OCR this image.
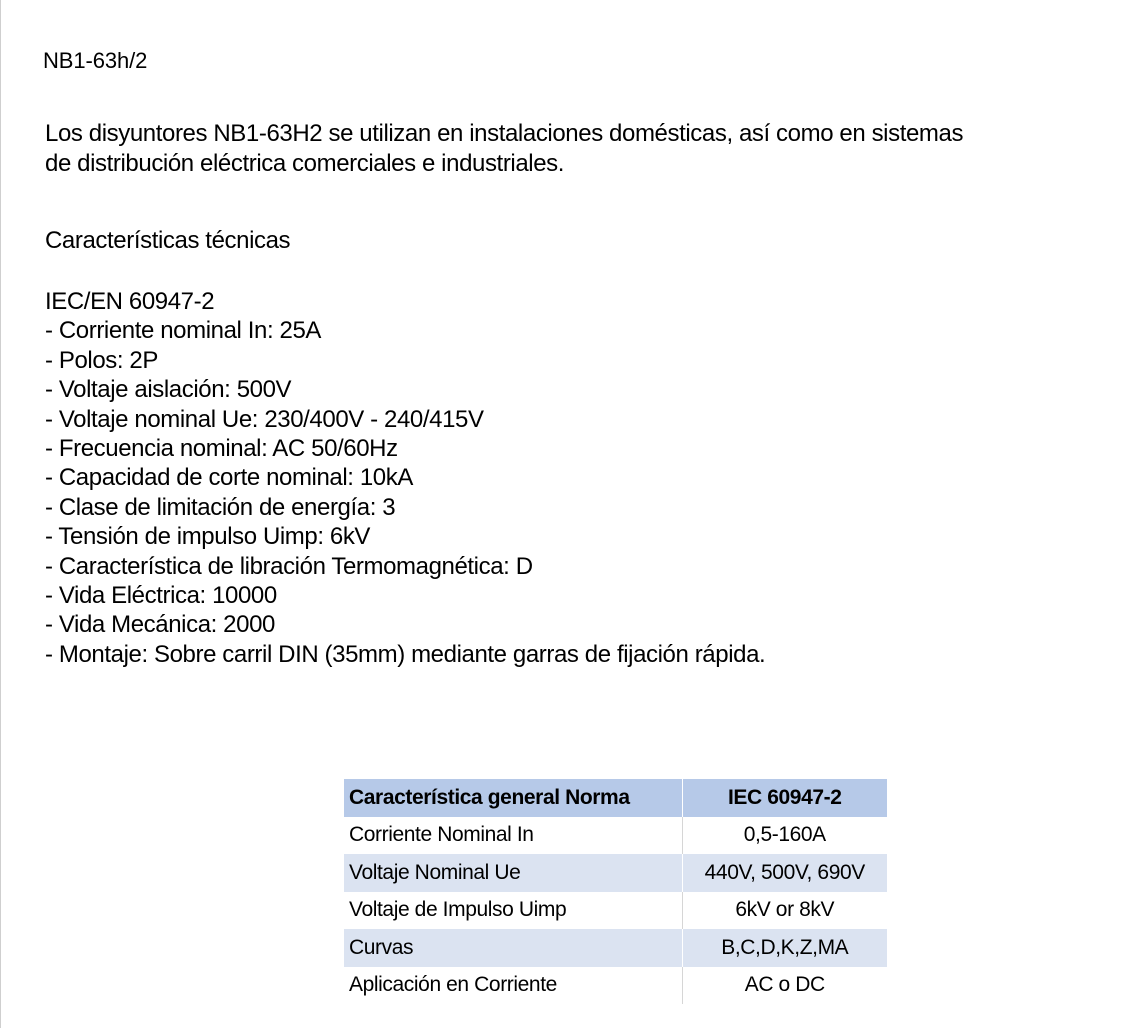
NB1-63h/2
Los disyuntores NB1-63H2 se utilizan en instalaciones domésticas, así como en sistemas
de distribución eléctrica comerciales e industriales.
Características técnicas
IEC/EN 60947-2
- Corriente nominal In: 25A
- Polos: 2P
- Voltaje aislación: 500V
- Voltaje nominal Ue: 230/400V - 240/415V
- Frecuencia nominal: AC 50/60Hz
- Capacidad de corte nominal: 10kA
- Clase de limitación de energía: 3
- Tensión de impulso Uimp: 6kV
- Característica de libración Termomagnética: D
- Vida Eléctrica: 10000
- Vida Mecánica: 2000
- Montaje: Sobre carril DIN (35mm) mediante garras de fijación rápida.
Característica general Norma	IEC 60947-2
Corriente Nominal In	0,5-160A
Voltaje Nominal Ue	440V, 500V, 690V
Voltaje de Impulso Uimp	6kV or 8kV
Curvas	B,C,D,K,Z,MA
Aplicación en Corriente	AC o DC
